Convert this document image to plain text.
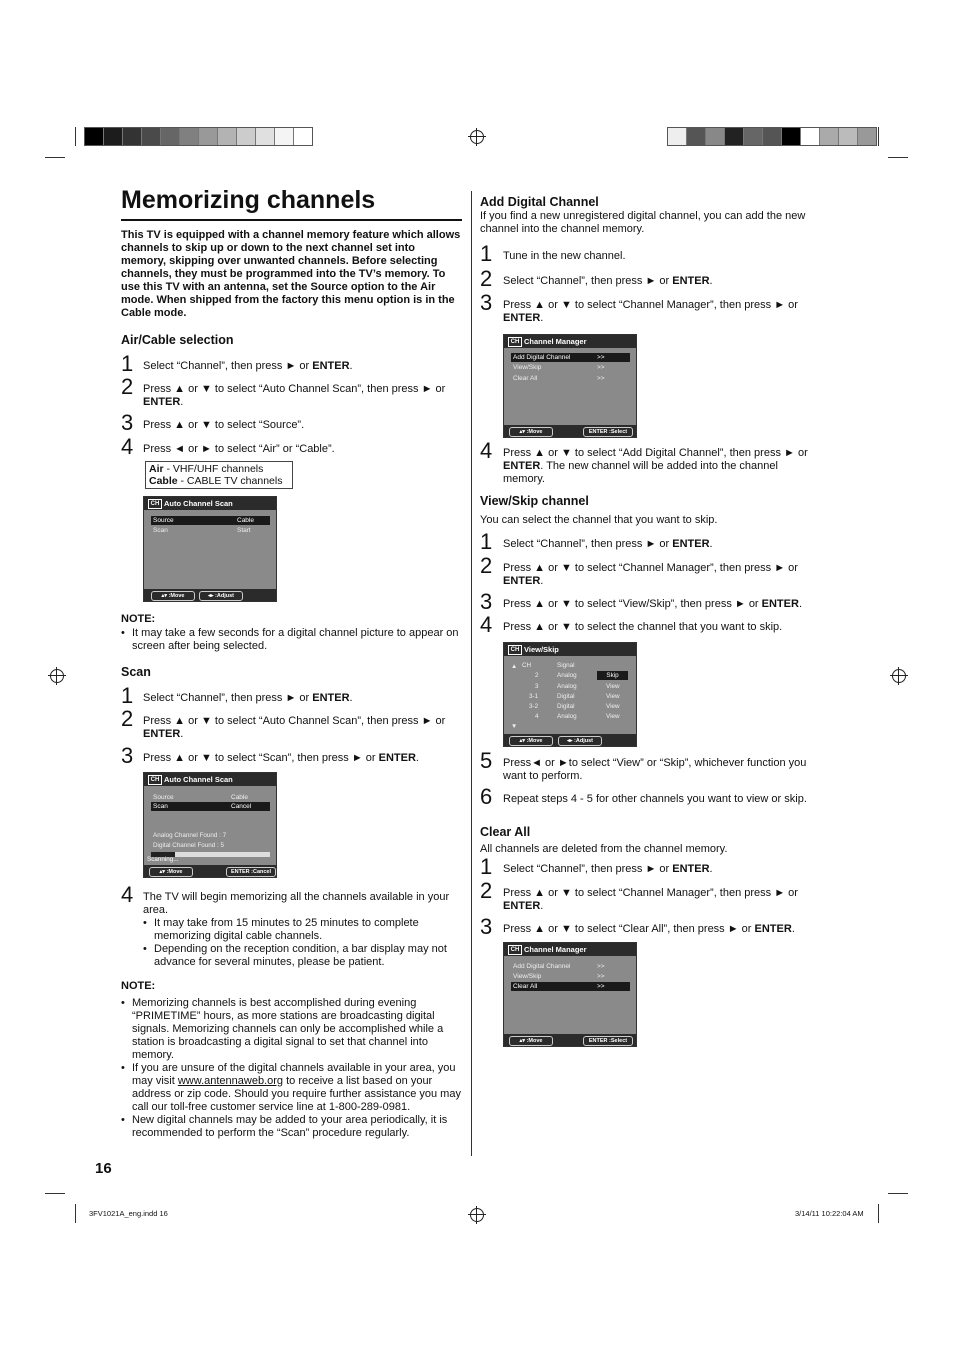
Memorizing channels
This TV is equipped with a channel memory feature which allows channels to skip up or down to the next channel set into memory, skipping over unwanted channels. Before selecting channels, they must be programmed into the TV’s memory. To use this TV with an antenna, set the Source option to the Air mode. When shipped from the factory this menu option is in the Cable mode.
Air/Cable selection
1 Select “Channel”, then press ► or ENTER.
2 Press ▲ or ▼ to select “Auto Channel Scan”, then press ► or ENTER.
3 Press ▲ or ▼ to select “Source”.
4 Press ◄ or ► to select “Air” or “Cable”.
Air - VHF/UHF channels
Cable - CABLE TV channels
CH Auto Channel Scan
Source	Cable
Scan	Start
▴▾ :Move	◂▸ :Adjust
NOTE:
• It may take a few seconds for a digital channel picture to appear on screen after being selected.
Scan
1 Select “Channel”, then press ► or ENTER.
2 Press ▲ or ▼ to select “Auto Channel Scan”, then press ► or ENTER.
3 Press ▲ or ▼ to select “Scan”, then press ► or ENTER.
CH Auto Channel Scan
Source	Cable
Scan	Cancel
Analog Channel Found : 7
Digital Channel Found : 5
Scanning...
▴▾ :Move	ENTER :Cancel
4 The TV will begin memorizing all the channels available in your area.
• It may take from 15 minutes to 25 minutes to complete memorizing digital cable channels.
• Depending on the reception condition, a bar display may not advance for several minutes, please be patient.
NOTE:
• Memorizing channels is best accomplished during evening “PRIMETIME” hours, as more stations are broadcasting digital signals. Memorizing channels can only be accomplished while a station is broadcasting a digital signal to set that channel into memory.
• If you are unsure of the digital channels available in your area, you may visit www.antennaweb.org to receive a list based on your address or zip code. Should you require further assistance you may call our toll-free customer service line at 1-800-289-0981.
• New digital channels may be added to your area periodically, it is recommended to perform the “Scan” procedure regularly.
Add Digital Channel
If you find a new unregistered digital channel, you can add the new channel into the channel memory.
1 Tune in the new channel.
2 Select “Channel”, then press ► or ENTER.
3 Press ▲ or ▼ to select “Channel Manager”, then press ► or ENTER.
CH Channel Manager
Add Digital Channel	>>
View/Skip	>>
Clear All	>>
▴▾ :Move	ENTER :Select
4 Press ▲ or ▼ to select “Add Digital Channel”, then press ► or ENTER. The new channel will be added into the channel memory.
View/Skip channel
You can select the channel that you want to skip.
1 Select “Channel”, then press ► or ENTER.
2 Press ▲ or ▼ to select “Channel Manager”, then press ► or ENTER.
3 Press ▲ or ▼ to select “View/Skip”, then press ► or ENTER.
4 Press ▲ or ▼ to select the channel that you want to skip.
CH View/Skip
▲ CH	Signal
2	Analog	Skip
3	Analog	View
3-1	Digital	View
3-2	Digital	View
4	Analog	View
▼
▴▾ :Move	◂▸ :Adjust
5 Press◄ or ►to select “View” or “Skip”, whichever function you want to perform.
6 Repeat steps 4 - 5 for other channels you want to view or skip.
Clear All
All channels are deleted from the channel memory.
1 Select “Channel”, then press ► or ENTER.
2 Press ▲ or ▼ to select “Channel Manager”, then press ► or ENTER.
3 Press ▲ or ▼ to select “Clear All”, then press ► or ENTER.
CH Channel Manager
Add Digital Channel	>>
View/Skip	>>
Clear All	>>
▴▾ :Move	ENTER :Select
16
3FV1021A_eng.indd 16	3/14/11 10:22:04 AM
